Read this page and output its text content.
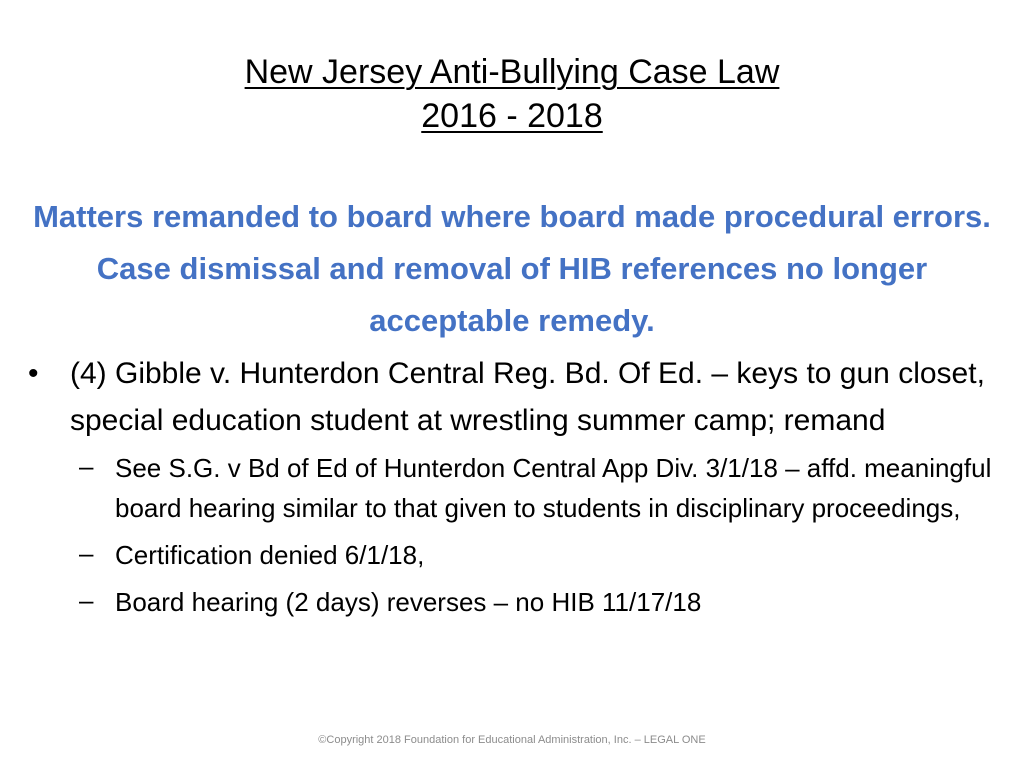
New Jersey Anti-Bullying Case Law
2016 - 2018
Matters remanded to board where board made procedural errors. Case dismissal and removal of HIB references no longer acceptable remedy.
• (4) Gibble v. Hunterdon Central Reg. Bd. Of Ed. – keys to gun closet, special education student at wrestling summer camp; remand
– See S.G. v Bd of Ed of Hunterdon Central App Div. 3/1/18 – affd. meaningful board hearing similar to that given to students in disciplinary proceedings,
– Certification denied 6/1/18,
– Board hearing (2 days) reverses – no HIB 11/17/18
©Copyright 2018 Foundation for Educational Administration, Inc. – LEGAL ONE
